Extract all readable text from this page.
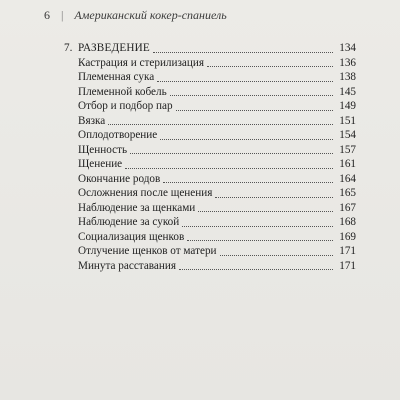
6 | Американский кокер-спаниель
7. РАЗВЕДЕНИЕ	134
Кастрация и стерилизация	136
Племенная сука	138
Племенной кобель	145
Отбор и подбор пар	149
Вязка	151
Оплодотворение	154
Щенность	157
Щенение	161
Окончание родов	164
Осложнения после щенения	165
Наблюдение за щенками	167
Наблюдение за сукой	168
Социализация щенков	169
Отлучение щенков от матери	171
Минута расставания	171
